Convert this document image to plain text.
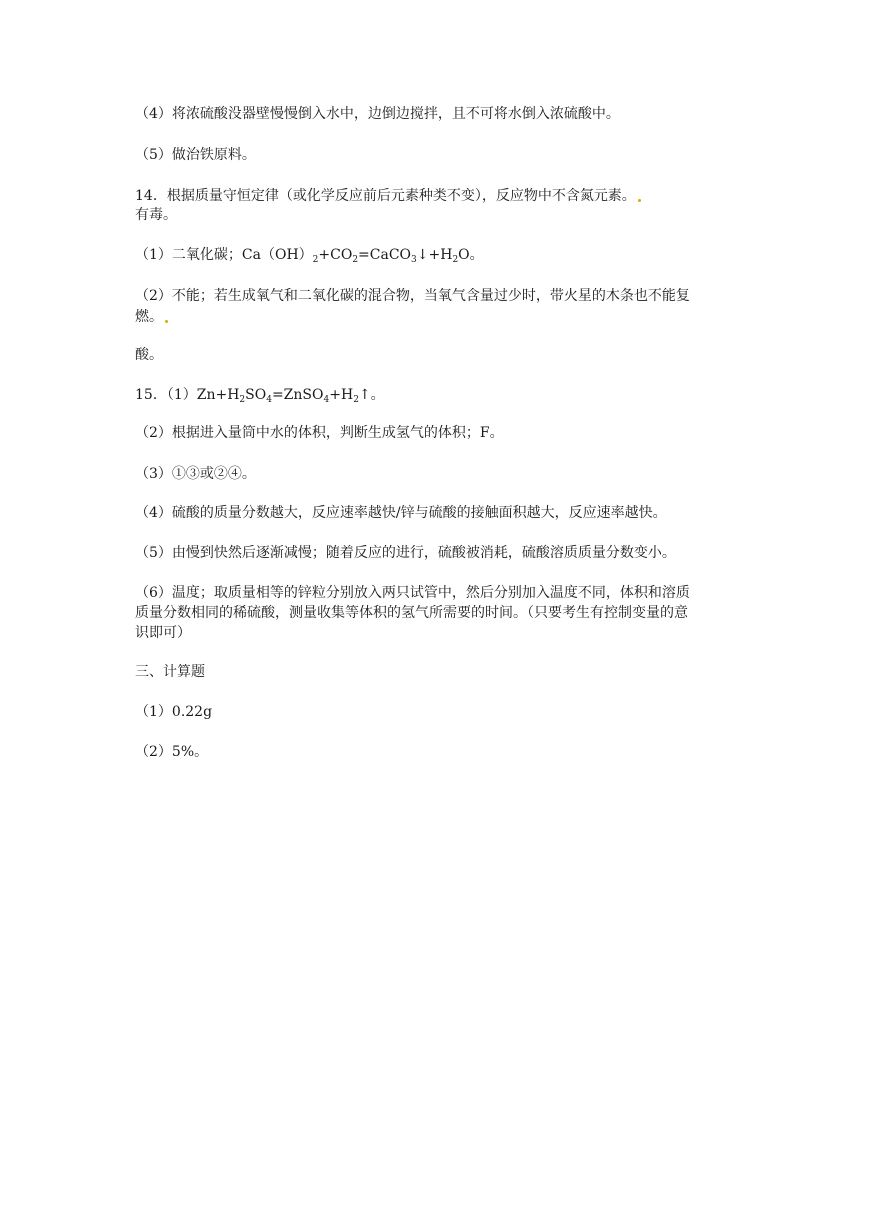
（4）将浓硫酸没器壁慢慢倒入水中，边倒边搅拌，且不可将水倒入浓硫酸中。

（5）做治铁原料。

14．根据质量守恒定律（或化学反应前后元素种类不变），反应物中不含氮元素。

有毒。

（1）二氧化碳；$Ca(OH)_2+CO_2=CaCO_3↓+H_2O$。

（2）不能；若生成氧气和二氧化碳的混合物，当氧气含量过少时，带火星的木条也不能复

燃。

酸。

15．$(1)Zn+H_2SO_4=ZnSO_4+H_2↑$。

（2）根据进入量筒中水的体积，判断生成氢气的体积；F。

（3）①③或②④。

（4）硫酸的质量分数越大，反应速率越快/锌与硫酸的接触面积越大，反应速率越快。

（5）由慢到快然后逐渐减慢；随着反应的进行，硫酸被消耗，硫酸溶质质量分数变小。

（6）温度；取质量相等的锌粒分别放入两只试管中，然后分别加入温度不同，体积和溶质

质量分数相同的稀硫酸，测量收集等体积的氢气所需要的时间。（只要考生有控制变量的意

识即可）

三、计算题

（1）0.22g

（2）5%。
